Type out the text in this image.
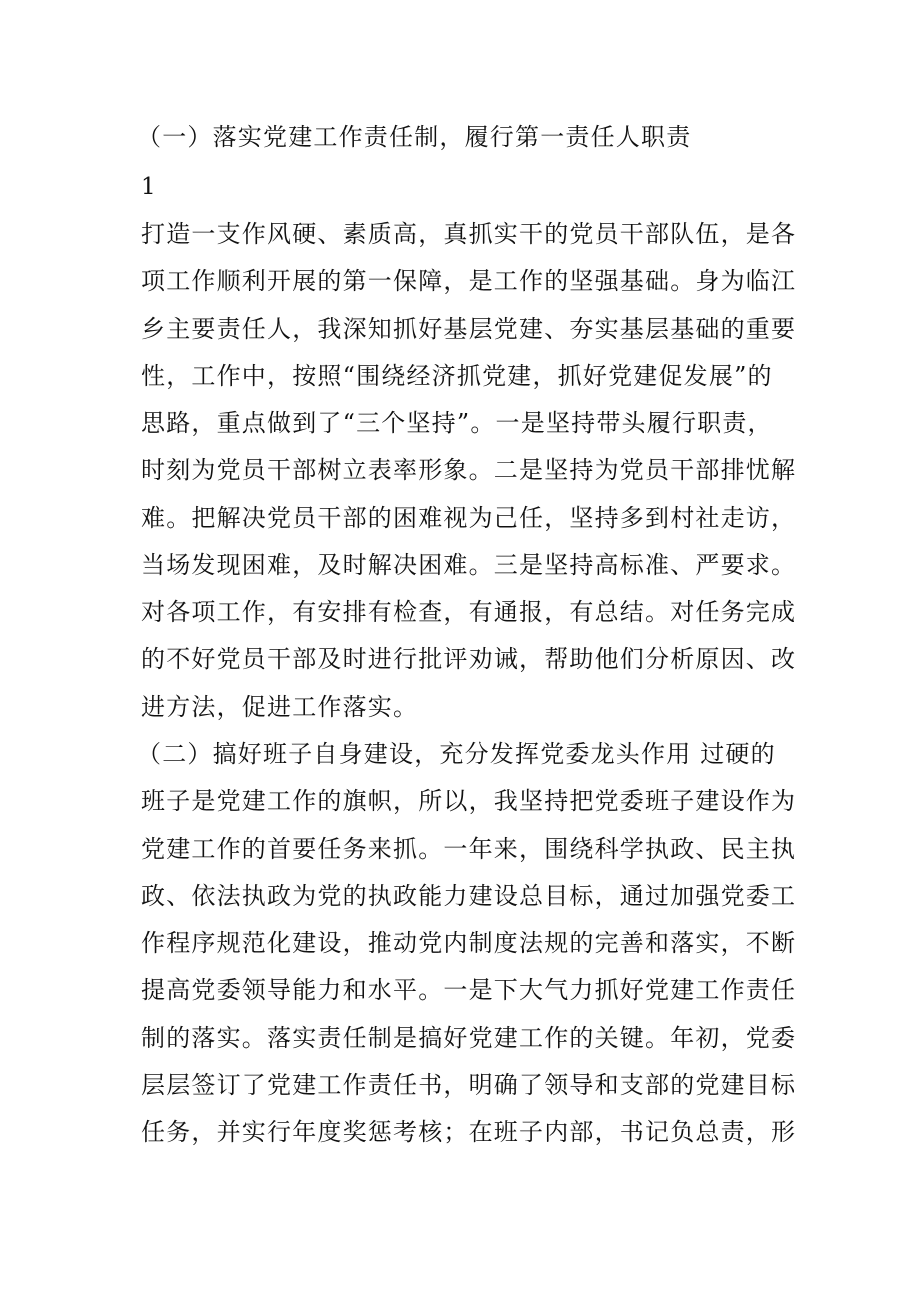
（一）落实党建工作责任制，履行第一责任人职责
1
打造一支作风硬、素质高，真抓实干的党员干部队伍，是各
项工作顺利开展的第一保障，是工作的坚强基础。身为临江
乡主要责任人，我深知抓好基层党建、夯实基层基础的重要
性，工作中，按照“围绕经济抓党建，抓好党建促发展”的
思路，重点做到了“三个坚持”。一是坚持带头履行职责，
时刻为党员干部树立表率形象。二是坚持为党员干部排忧解
难。把解决党员干部的困难视为己任，坚持多到村社走访，
当场发现困难，及时解决困难。三是坚持高标准、严要求。
对各项工作，有安排有检查，有通报，有总结。对任务完成
的不好党员干部及时进行批评劝诫，帮助他们分析原因、改
进方法，促进工作落实。
（二）搞好班子自身建设，充分发挥党委龙头作用 过硬的
班子是党建工作的旗帜，所以，我坚持把党委班子建设作为
党建工作的首要任务来抓。一年来，围绕科学执政、民主执
政、依法执政为党的执政能力建设总目标，通过加强党委工
作程序规范化建设，推动党内制度法规的完善和落实，不断
提高党委领导能力和水平。一是下大气力抓好党建工作责任
制的落实。落实责任制是搞好党建工作的关键。年初，党委
层层签订了党建工作责任书，明确了领导和支部的党建目标
任务，并实行年度奖惩考核；在班子内部，书记负总责，形
